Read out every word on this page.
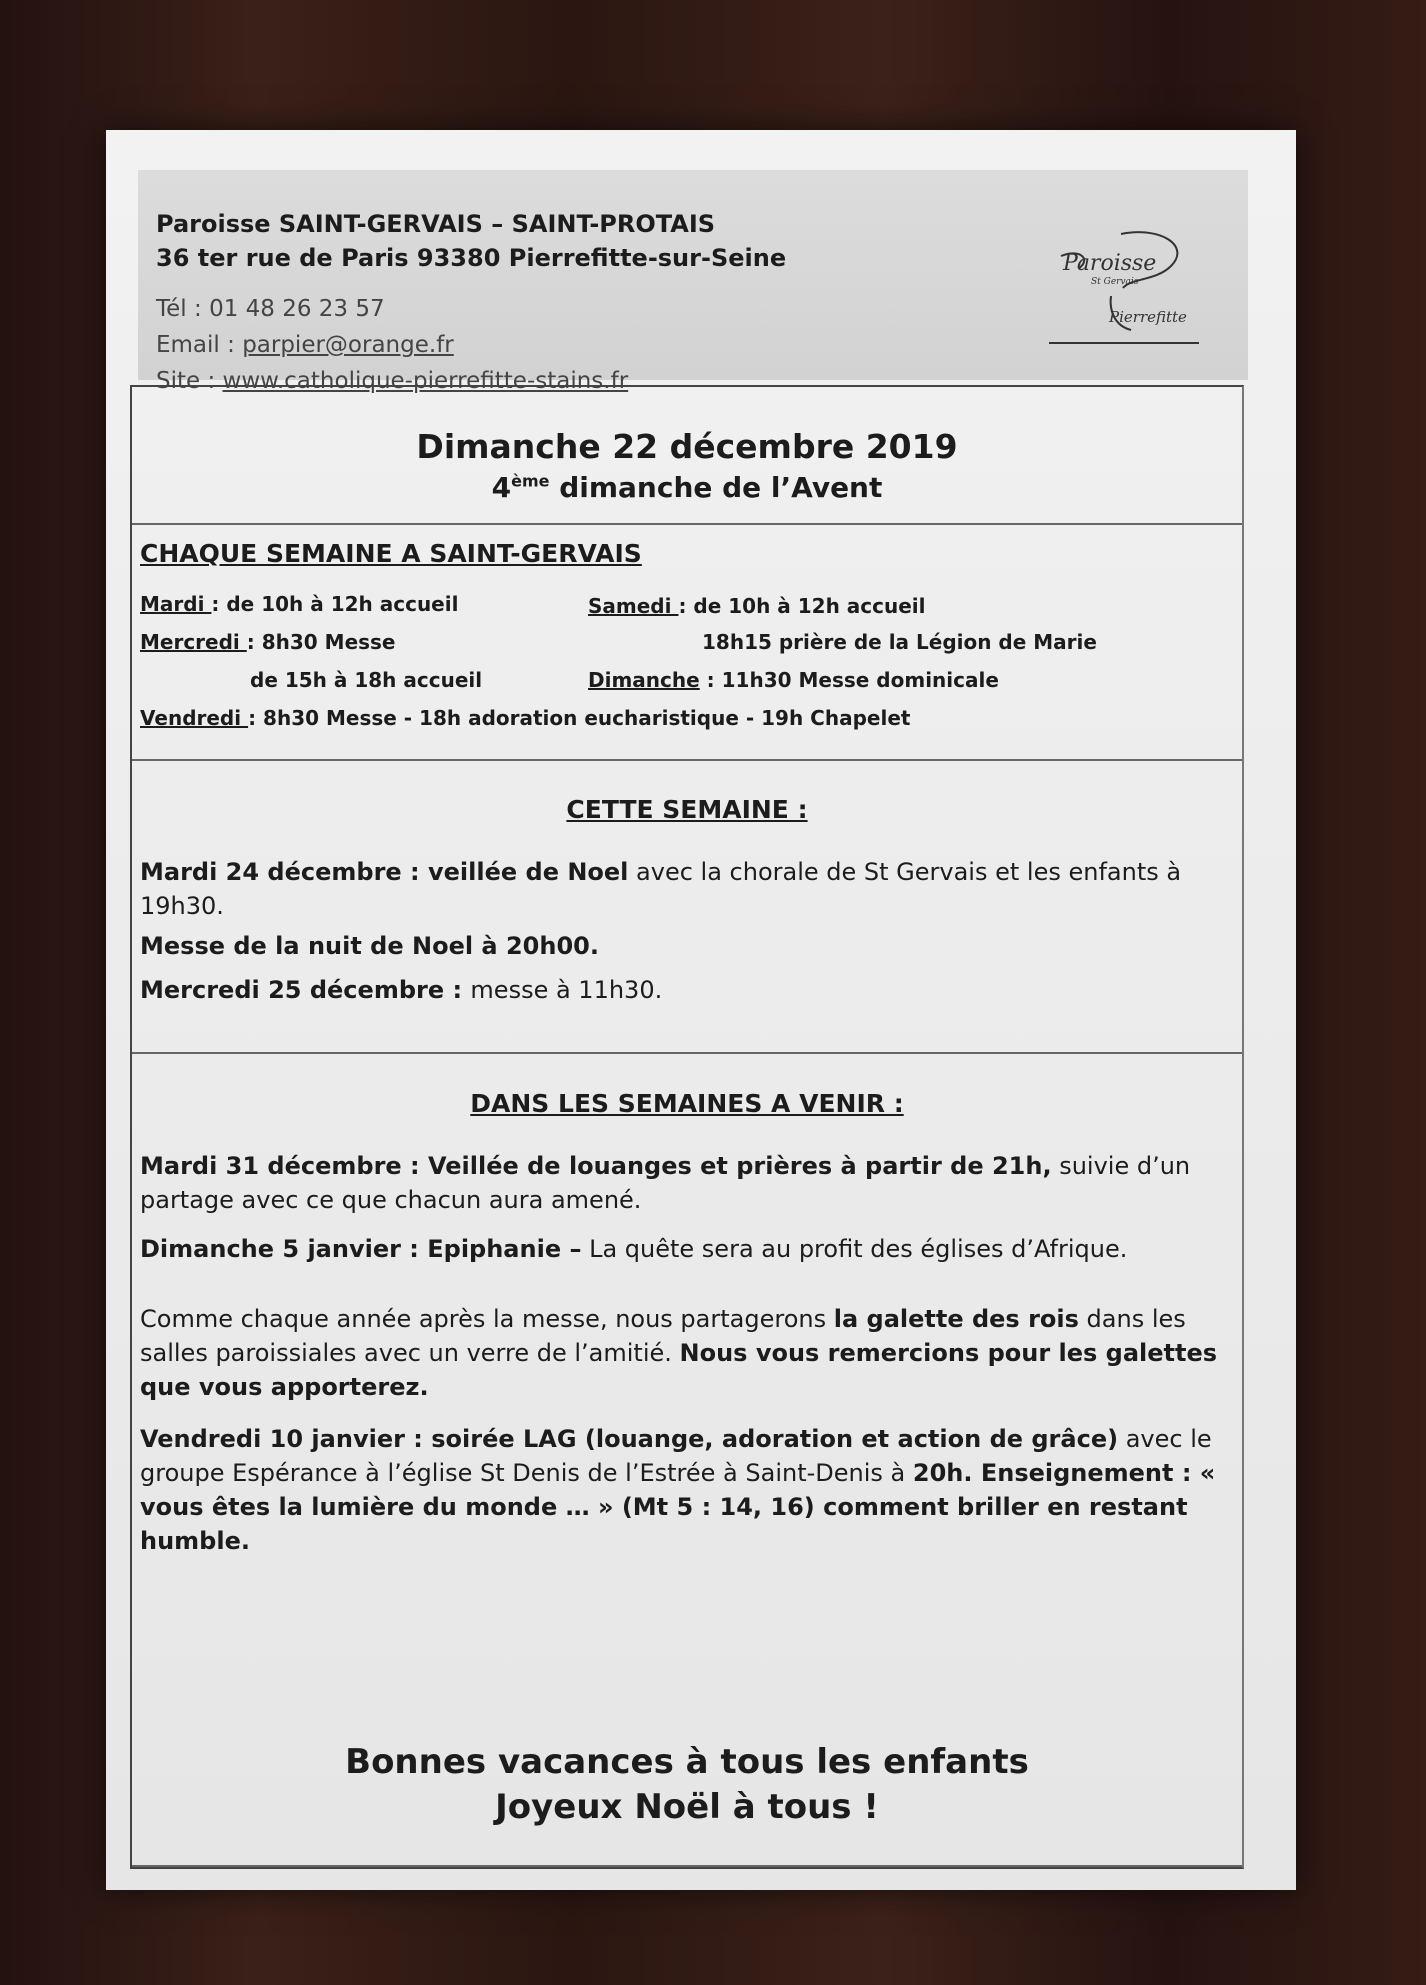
Paroisse SAINT-GERVAIS – SAINT-PROTAIS
36 ter rue de Paris 93380 Pierrefitte-sur-Seine
Tél : 01 48 26 23 57
Email : parpier@orange.fr
Site : www.catholique-pierrefitte-stains.fr
Paroisse
St Gervais
Pierrefitte
Dimanche 22 décembre 2019
4ème dimanche de l’Avent
CHAQUE SEMAINE A SAINT-GERVAIS
Mardi : de 10h à 12h accueil
Mercredi : 8h30 Messe
de 15h à 18h accueil
Vendredi : 8h30 Messe - 18h adoration eucharistique - 19h Chapelet
Samedi : de 10h à 12h accueil
18h15 prière de la Légion de Marie
Dimanche : 11h30 Messe dominicale
CETTE SEMAINE :
Mardi 24 décembre : veillée de Noel avec la chorale de St Gervais et les enfants à 19h30.
Messe de la nuit de Noel à 20h00.
Mercredi 25 décembre : messe à 11h30.
DANS LES SEMAINES A VENIR :
Mardi 31 décembre : Veillée de louanges et prières à partir de 21h, suivie d’un partage avec ce que chacun aura amené.
Dimanche 5 janvier : Epiphanie – La quête sera au profit des églises d’Afrique.
Comme chaque année après la messe, nous partagerons la galette des rois dans les salles paroissiales avec un verre de l’amitié. Nous vous remercions pour les galettes que vous apporterez.
Vendredi 10 janvier : soirée LAG (louange, adoration et action de grâce) avec le groupe Espérance à l’église St Denis de l’Estrée à Saint-Denis à 20h. Enseignement : « vous êtes la lumière du monde … » (Mt 5 : 14, 16) comment briller en restant humble.
Bonnes vacances à tous les enfants
Joyeux Noël à tous !
